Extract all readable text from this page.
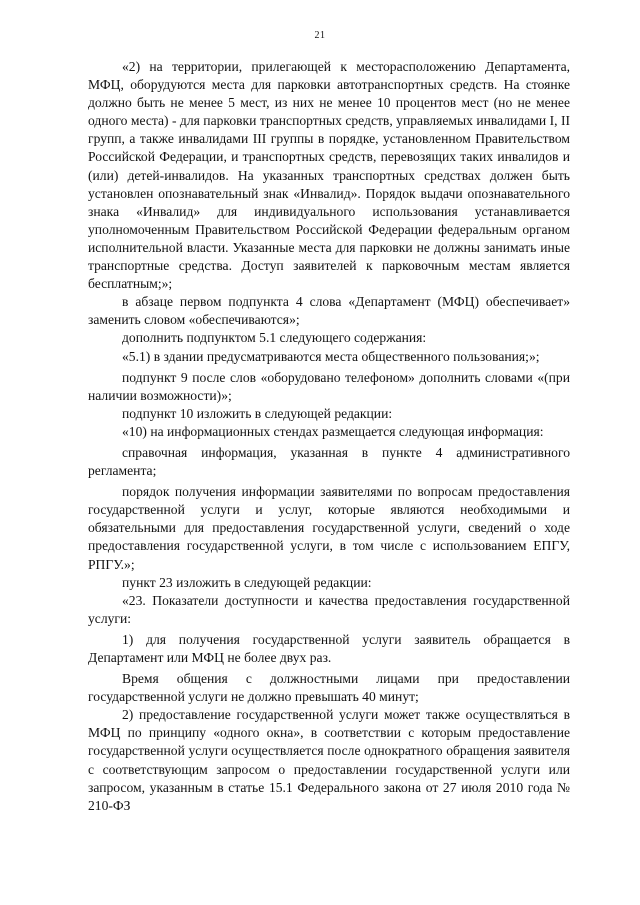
21

«2) на территории, прилегающей к месторасположению Департамента, МФЦ, оборудуются места для парковки автотранспортных средств. На стоянке должно быть не менее 5 мест, из них не менее 10 процентов мест (но не менее одного места) - для парковки транспортных средств, управляемых инвалидами I, II групп, а также инвалидами III группы в порядке, установленном Правительством Российской Федерации, и транспортных средств, перевозящих таких инвалидов и (или) детей-инвалидов. На указанных транспортных средствах должен быть установлен опознавательный знак «Инвалид». Порядок выдачи опознавательного знака «Инвалид» для индивидуального использования устанавливается уполномоченным Правительством Российской Федерации федеральным органом исполнительной власти. Указанные места для парковки не должны занимать иные транспортные средства. Доступ заявителей к парковочным местам является бесплатным;»;

в абзаце первом подпункта 4 слова «Департамент (МФЦ) обеспечивает» заменить словом «обеспечиваются»;

дополнить подпунктом 5.1 следующего содержания:

«5.1) в здании предусматриваются места общественного пользования;»;

подпункт 9 после слов «оборудовано телефоном» дополнить словами «(при наличии возможности)»;

подпункт 10 изложить в следующей редакции:

«10) на информационных стендах размещается следующая информация:

справочная информация, указанная в пункте 4 административного регламента;

порядок получения информации заявителями по вопросам предоставления государственной услуги и услуг, которые являются необходимыми и обязательными для предоставления государственной услуги, сведений о ходе предоставления государственной услуги, в том числе с использованием ЕПГУ, РПГУ.»;

пункт 23 изложить в следующей редакции:

«23. Показатели доступности и качества предоставления государственной услуги:

1) для получения государственной услуги заявитель обращается в Департамент или МФЦ не более двух раз.

Время общения с должностными лицами при предоставлении государственной услуги не должно превышать 40 минут;

2) предоставление государственной услуги может также осуществляться в МФЦ по принципу «одного окна», в соответствии с которым предоставление государственной услуги осуществляется после однократного обращения заявителя с соответствующим запросом о предоставлении государственной услуги или запросом, указанным в статье 15.1 Федерального закона от 27 июля 2010 года № 210-ФЗ
